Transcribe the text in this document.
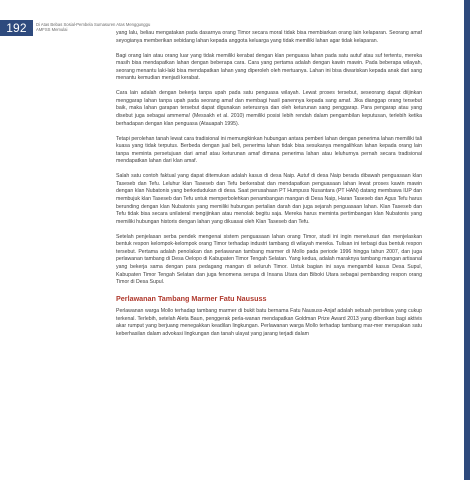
192	Di Atas Bebas Sosial-Pembela Sumasuren Atas Menggunggu AMFSS Memulai

yang lalu, beliau mengatakan pada dasarnya orang Timor secara moral tidak bisa membiarkan orang lain kelaparan. Seorang amaf seyogianya memberikan sebidang lahan kepada anggota keluarga yang tidak memiliki lahan agar tidak kelaparan.

Bagi orang lain atau orang luar yang tidak memiliki kerabat dengan klan penguasa lahan pada satu autuf atau suf tertentu, mereka masih bisa mendapatkan lahan dengan beberapa cara. Cara yang pertama adalah dengan kawin mawin. Pada beberapa wilayah, seorang menantu laki-laki bisa mendapatkan lahan yang diperoleh oleh mertuanya. Lahan ini bisa diwariskan kepada anak dari sang menantu kemudian menjadi kerabat.

Cara lain adalah dengan bekerja tanpa upah pada satu penguasa wilayah. Lewat proses tersebut, seseorang dapat diijinkan menggarap lahan tanpa upah pada seorang amaf dan membagi hasil panennya kepada sang amaf. Jika dianggap orang tersebut baik, maka lahan garapan tersebut dapat digunakan seterusnya dan oleh keturunan sang penggarap. Para pengarap atau yang disebut juga sebagai ammema! (Messakh et al. 2010) memiliki posisi lebih rendah dalam pengambilan keputusan, terlebih ketika berhadapan dengan klan penguasa (Atauapah 1995).

Tetapi perolehan tanah lewat cara tradisional ini memungkinkan hubungan antara pemberi lahan dengan penerima lahan memiliki tali kuasa yang tidak terputus. Berbeda dengan jual beli, penerima lahan tidak bisa sesukanya mengalihkan lahan kepada orang lain tanpa meminta persetujuan dari amaf atau keturunan amaf dimana penerima lahan atau leluhurnya pernah secara tradisional mendapatkan lahan dari klan amaf.

Salah satu contoh faktual yang dapat ditemukan adalah kasus di desa Naip. Autuf di desa Naip berada dibawah penguasaan klan Taseseb dan Tefu. Leluhur klan Taseseb dan Tefu berkerabat dan mendapatkan penguasaan lahan lewat proses kawin mawin dengan klan Nubatonis yang berkedudukan di desa. Saat perusahaan PT Humpuss Nusantara (PT HAN) datang membawa IUP dan membujuk klan Taseseb dan Tefu untuk memperbolehkan penambangan mangan di Desa Naip, Haran Taseseb dan Agus Tefu harus berunding dengan klan Nubatonis yang memiliki hubungan pertalian darah dan juga sejarah penguasaan lahan. Klan Taseseb dan Tefu tidak bisa secara unilateral mengijinkan atau menolak begitu saja. Mereka harus meminta pertimbangan klan Nubatonis yang memiliki hubungan historis dengan lahan yang dikuasai oleh Klan Taseseb dan Tefu.

Setelah penjelasan serba pendek mengenai sistem penguasaan lahan orang Timor, studi ini ingin menelusuri dan menjelaskan bentuk respon kelompok-kelompok orang Timor terhadap industri tambang di wilayah mereka. Tulisan ini terbagi dua bentuk respon tersebut. Pertama adalah penolakan dan perlawanan tambang marmer di Mollo pada periode 1996 hingga tahun 2007, dan juga perlawanan tambang di Desa Oelopo di Kabupaten Timor Tengah Selatan. Yang kedua, adalah maraknya tambang mangan artisanal yang bekerja sama dengan para pedagang mangan di seluruh Timor. Untuk bagian ini saya mengambil kasus Desa Supul, Kabupaten Timor Tengah Selatan dan juga fenomena serupa di Insana Utara dan Biboki Utara sebagai pembanding respon orang Timor di Desa Supul.

Perlawanan Tambang Marmer Fatu Naususs

Perlawanan warga Mollo terhadap tambang marmer di bukit batu bernama Fatu Naususs-Anjaf adalah sebuah peristiwa yang cukup terkenal. Terlebih, setelah Aleta Baun, penggerak perla-wanan mendapatkan Goldman Prize Award 2013 yang diberikan bagi aktivis akar rumput yang berjuang menegakkan keadilan lingkungan. Perlawanan warga Mollo terhadap tambang mar-mer merupakan satu keberhasilan dalam advokasi lingkungan dan tanah ulayat yang jarang terjadi dalam
